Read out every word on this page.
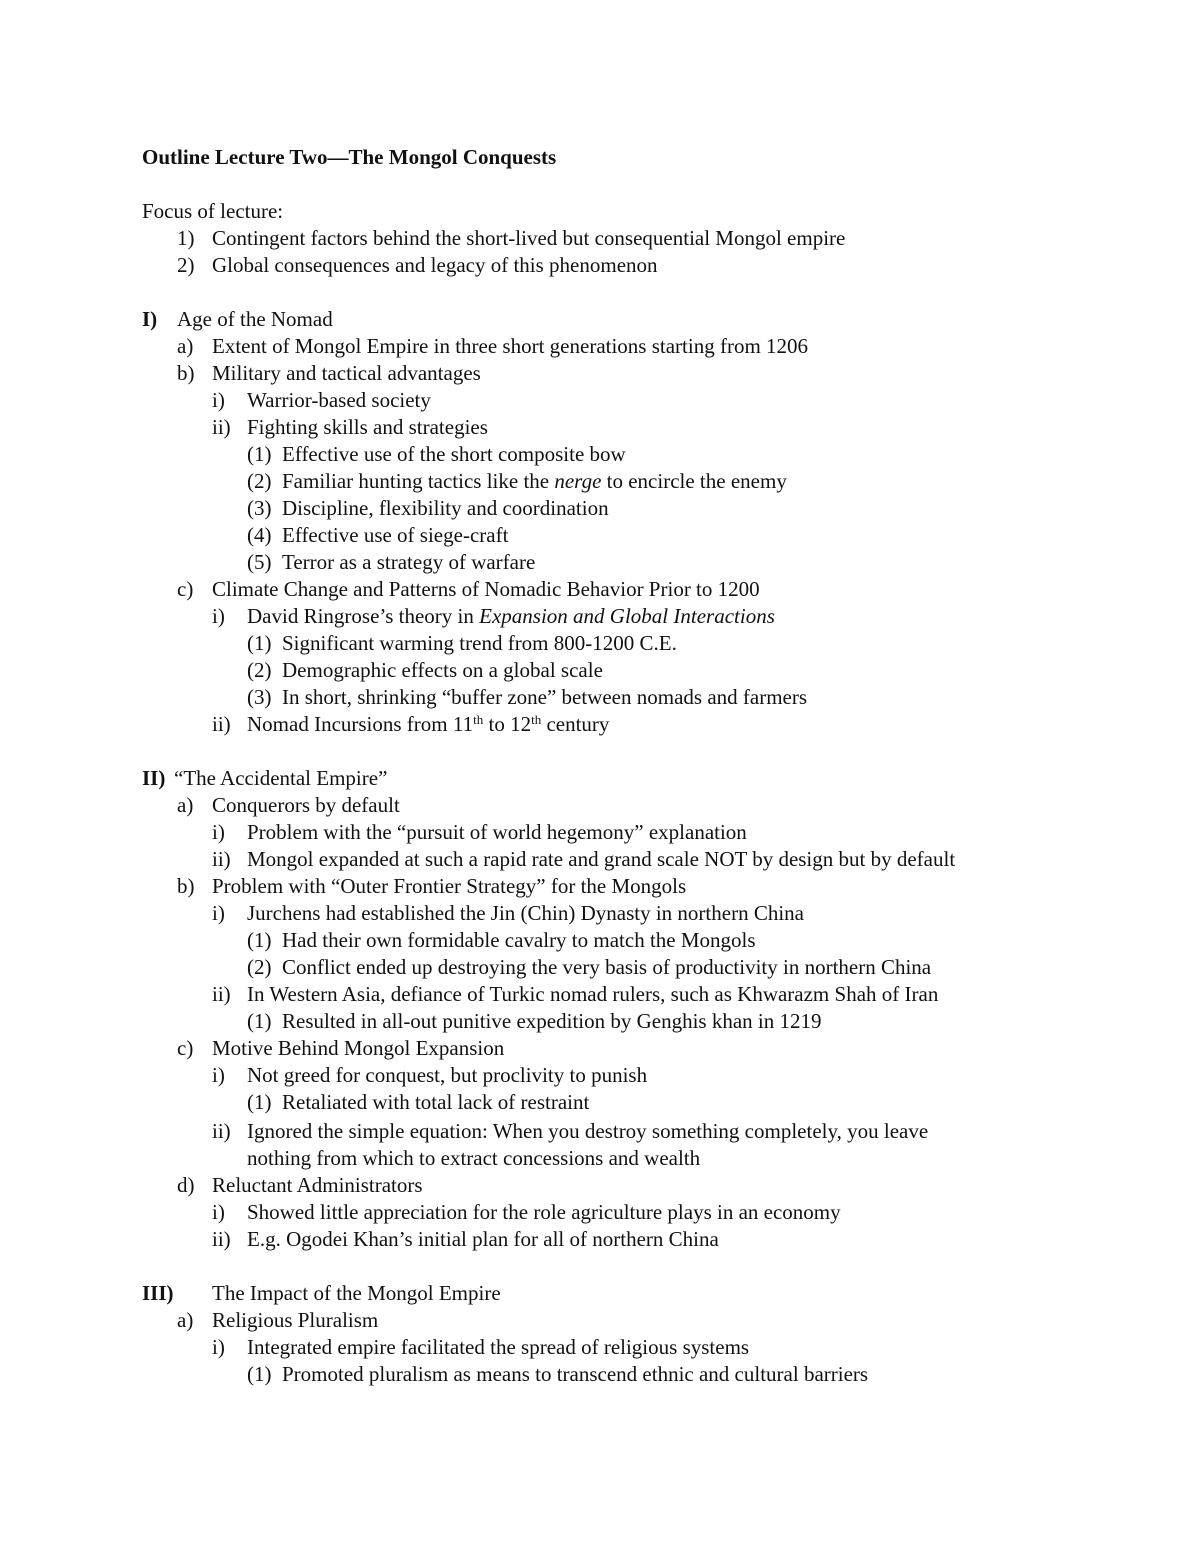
Outline Lecture Two—The Mongol Conquests
Focus of lecture:
1) Contingent factors behind the short-lived but consequential Mongol empire
2) Global consequences and legacy of this phenomenon
I) Age of the Nomad
a) Extent of Mongol Empire in three short generations starting from 1206
b) Military and tactical advantages
i) Warrior-based society
ii) Fighting skills and strategies
(1) Effective use of the short composite bow
(2) Familiar hunting tactics like the nerge to encircle the enemy
(3) Discipline, flexibility and coordination
(4) Effective use of siege-craft
(5) Terror as a strategy of warfare
c) Climate Change and Patterns of Nomadic Behavior Prior to 1200
i) David Ringrose’s theory in Expansion and Global Interactions
(1) Significant warming trend from 800-1200 C.E.
(2) Demographic effects on a global scale
(3) In short, shrinking “buffer zone” between nomads and farmers
ii) Nomad Incursions from 11th to 12th century
II) “The Accidental Empire”
a) Conquerors by default
i) Problem with the “pursuit of world hegemony” explanation
ii) Mongol expanded at such a rapid rate and grand scale NOT by design but by default
b) Problem with “Outer Frontier Strategy” for the Mongols
i) Jurchens had established the Jin (Chin) Dynasty in northern China
(1) Had their own formidable cavalry to match the Mongols
(2) Conflict ended up destroying the very basis of productivity in northern China
ii) In Western Asia, defiance of Turkic nomad rulers, such as Khwarazm Shah of Iran
(1) Resulted in all-out punitive expedition by Genghis khan in 1219
c) Motive Behind Mongol Expansion
i) Not greed for conquest, but proclivity to punish
(1) Retaliated with total lack of restraint
ii) Ignored the simple equation: When you destroy something completely, you leave
nothing from which to extract concessions and wealth
d) Reluctant Administrators
i) Showed little appreciation for the role agriculture plays in an economy
ii) E.g. Ogodei Khan’s initial plan for all of northern China
III) The Impact of the Mongol Empire
a) Religious Pluralism
i) Integrated empire facilitated the spread of religious systems
(1) Promoted pluralism as means to transcend ethnic and cultural barriers
